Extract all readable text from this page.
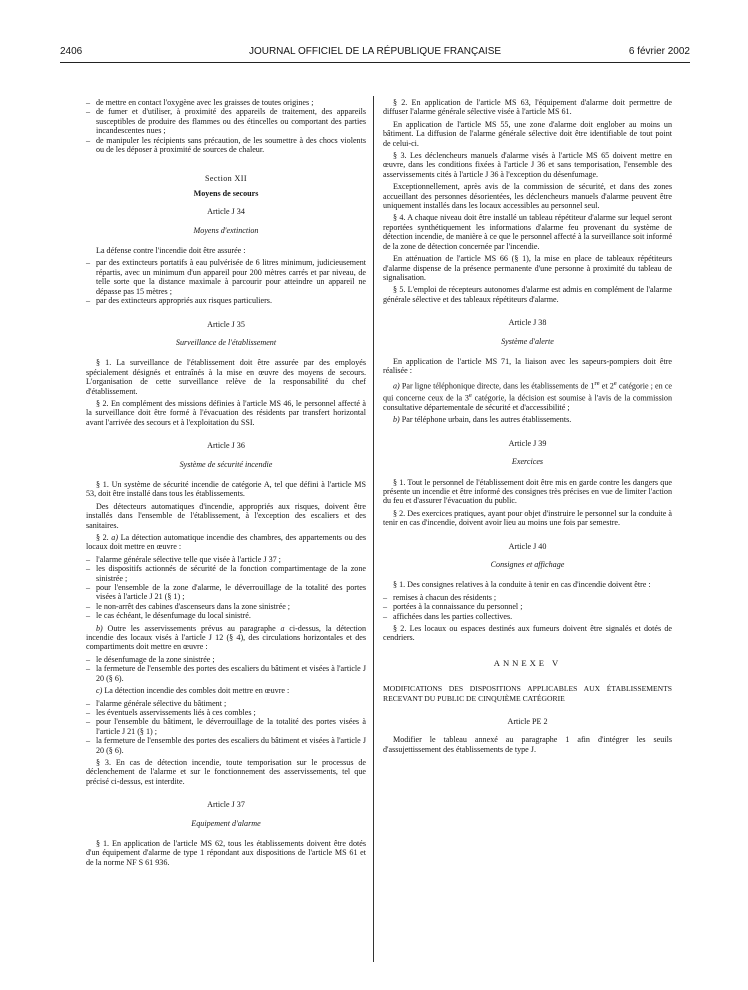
2406	JOURNAL OFFICIEL DE LA RÉPUBLIQUE FRANÇAISE	6 février 2002
– de mettre en contact l'oxygène avec les graisses de toutes origines ;
– de fumer et d'utiliser, à proximité des appareils de traitement, des appareils susceptibles de produire des flammes ou des étincelles ou comportant des parties incandescentes nues ;
– de manipuler les récipients sans précaution, de les soumettre à des chocs violents ou de les déposer à proximité de sources de chaleur.
Section XII
Moyens de secours
Article J 34
Moyens d'extinction

La défense contre l'incendie doit être assurée :

– par des extincteurs portatifs à eau pulvérisée de 6 litres minimum, judicieusement répartis, avec un minimum d'un appareil pour 200 mètres carrés et par niveau, de telle sorte que la distance maximale à parcourir pour atteindre un appareil ne dépasse pas 15 mètres ;
– par des extincteurs appropriés aux risques particuliers.
Article J 35
Surveillance de l'établissement

§ 1. La surveillance de l'établissement doit être assurée par des employés spécialement désignés et entraînés à la mise en œuvre des moyens de secours. L'organisation de cette surveillance relève de la responsabilité du chef d'établissement.

§ 2. En complément des missions définies à l'article MS 46, le personnel affecté à la surveillance doit être formé à l'évacuation des résidents par transfert horizontal avant l'arrivée des secours et à l'exploitation du SSI.

Article J 36
Système de sécurité incendie

§ 1. Un système de sécurité incendie de catégorie A, tel que défini à l'article MS 53, doit être installé dans tous les établissements.

Des détecteurs automatiques d'incendie, appropriés aux risques, doivent être installés dans l'ensemble de l'établissement, à l'exception des escaliers et des sanitaires.

§ 2. a) La détection automatique incendie des chambres, des appartements ou des locaux doit mettre en œuvre :

– l'alarme générale sélective telle que visée à l'article J 37 ;
– les dispositifs actionnés de sécurité de la fonction compartimentage de la zone sinistrée ;
– pour l'ensemble de la zone d'alarme, le déverrouillage de la totalité des portes visées à l'article J 21 (§ 1) ;
– le non-arrêt des cabines d'ascenseurs dans la zone sinistrée ;
– le cas échéant, le désenfumage du local sinistré.

b) Outre les asservissements prévus au paragraphe a ci-dessus, la détection incendie des locaux visés à l'article J 12 (§ 4), des circulations horizontales et des compartiments doit mettre en œuvre :

– le désenfumage de la zone sinistrée ;
– la fermeture de l'ensemble des portes des escaliers du bâtiment et visées à l'article J 20 (§ 6).

c) La détection incendie des combles doit mettre en œuvre :

– l'alarme générale sélective du bâtiment ;
– les éventuels asservissements liés à ces combles ;
– pour l'ensemble du bâtiment, le déverrouillage de la totalité des portes visées à l'article J 21 (§ 1) ;
– la fermeture de l'ensemble des portes des escaliers du bâtiment et visées à l'article J 20 (§ 6).

§ 3. En cas de détection incendie, toute temporisation sur le processus de déclenchement de l'alarme et sur le fonctionnement des asservissements, tel que précisé ci-dessus, est interdite.

Article J 37
Equipement d'alarme

§ 1. En application de l'article MS 62, tous les établissements doivent être dotés d'un équipement d'alarme de type 1 répondant aux dispositions de l'article MS 61 et de la norme NF S 61 936.

§ 2. En application de l'article MS 63, l'équipement d'alarme doit permettre de diffuser l'alarme générale sélective visée à l'article MS 61.

En application de l'article MS 55, une zone d'alarme doit englober au moins un bâtiment. La diffusion de l'alarme générale sélective doit être identifiable de tout point de celui-ci.

§ 3. Les déclencheurs manuels d'alarme visés à l'article MS 65 doivent mettre en œuvre, dans les conditions fixées à l'article J 36 et sans temporisation, l'ensemble des asservissements cités à l'article J 36 à l'exception du désenfumage.

Exceptionnellement, après avis de la commission de sécurité, et dans des zones accueillant des personnes désorientées, les déclencheurs manuels d'alarme peuvent être uniquement installés dans les locaux accessibles au personnel seul.

§ 4. A chaque niveau doit être installé un tableau répétiteur d'alarme sur lequel seront reportées synthétiquement les informations d'alarme feu provenant du système de détection incendie, de manière à ce que le personnel affecté à la surveillance soit informé de la zone de détection concernée par l'incendie.

En atténuation de l'article MS 66 (§ 1), la mise en place de tableaux répétiteurs d'alarme dispense de la présence permanente d'une personne à proximité du tableau de signalisation.

§ 5. L'emploi de récepteurs autonomes d'alarme est admis en complément de l'alarme générale sélective et des tableaux répétiteurs d'alarme.

Article J 38
Système d'alerte

En application de l'article MS 71, la liaison avec les sapeurs-pompiers doit être réalisée :

a) Par ligne téléphonique directe, dans les établissements de 1re et 2e catégorie ; en ce qui concerne ceux de la 3e catégorie, la décision est soumise à l'avis de la commission consultative départementale de sécurité et d'accessibilité ;

b) Par téléphone urbain, dans les autres établissements.

Article J 39
Exercices

§ 1. Tout le personnel de l'établissement doit être mis en garde contre les dangers que présente un incendie et être informé des consignes très précises en vue de limiter l'action du feu et d'assurer l'évacuation du public.

§ 2. Des exercices pratiques, ayant pour objet d'instruire le personnel sur la conduite à tenir en cas d'incendie, doivent avoir lieu au moins une fois par semestre.

Article J 40
Consignes et affichage

§ 1. Des consignes relatives à la conduite à tenir en cas d'incendie doivent être :

– remises à chacun des résidents ;
– portées à la connaissance du personnel ;
– affichées dans les parties collectives.

§ 2. Les locaux ou espaces destinés aux fumeurs doivent être signalés et dotés de cendriers.

ANNEXE V
MODIFICATIONS DES DISPOSITIONS APPLICABLES AUX ÉTABLISSEMENTS RECEVANT DU PUBLIC DE CINQUIÈME CATÉGORIE
Article PE 2

Modifier le tableau annexé au paragraphe 1 afin d'intégrer les seuils d'assujettissement des établissements de type J.
